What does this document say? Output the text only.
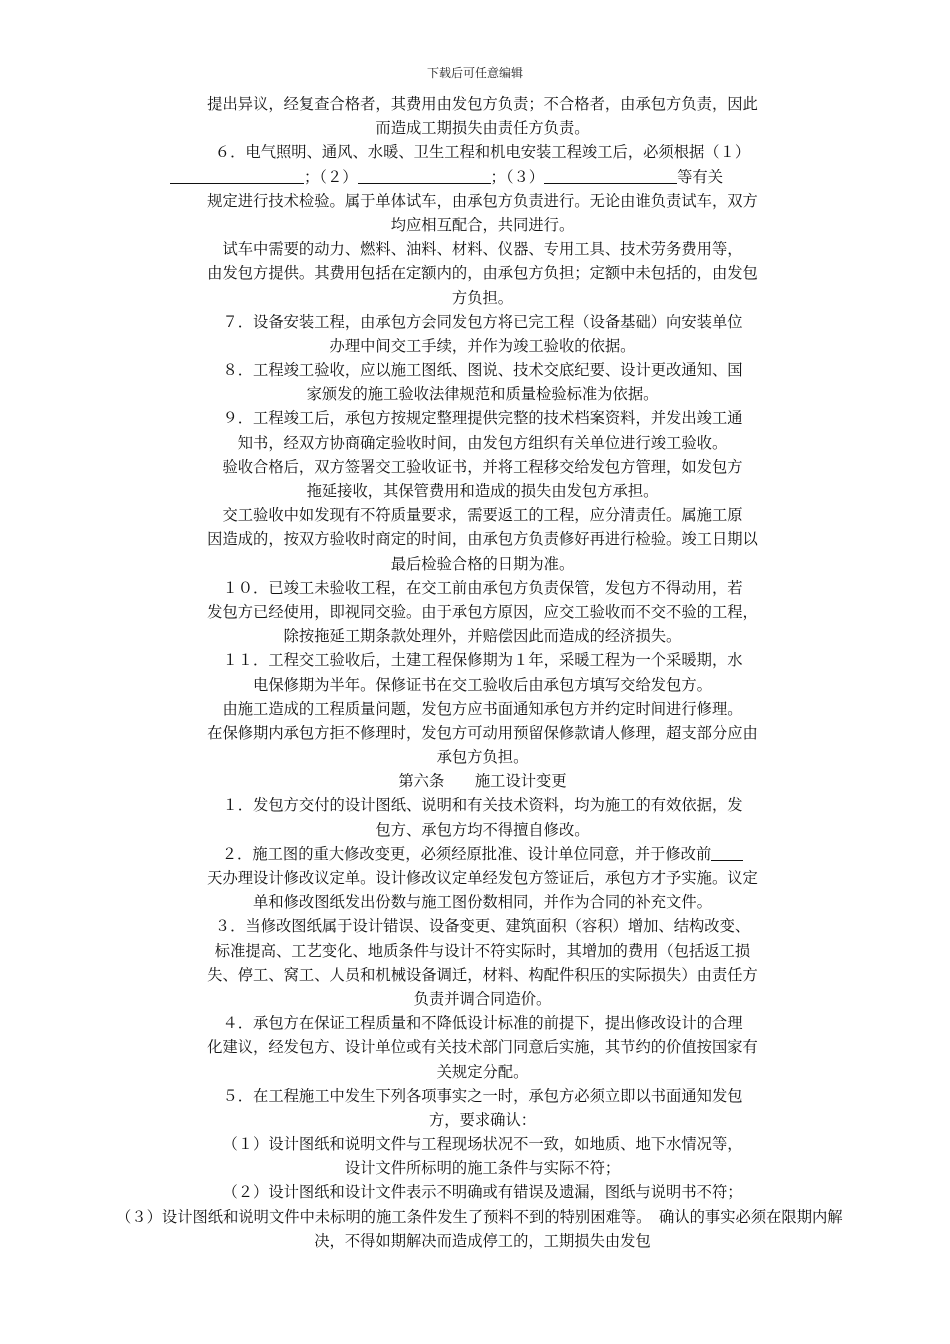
下载后可任意编辑
提出异议，经复查合格者，其费用由发包方负责；不合格者，由承包方负责，因此
而造成工期损失由责任方负责。
６．电气照明、通风、水暖、卫生工程和机电安装工程竣工后，必须根据（１）
；（２）	；（３）	等有关
规定进行技术检验。属于单体试车，由承包方负责进行。无论由谁负责试车，双方
均应相互配合，共同进行。
试车中需要的动力、燃料、油料、材料、仪器、专用工具、技术劳务费用等，
由发包方提供。其费用包括在定额内的，由承包方负担；定额中未包括的，由发包
方负担。
７．设备安装工程，由承包方会同发包方将已完工程（设备基础）向安装单位
办理中间交工手续，并作为竣工验收的依据。
８．工程竣工验收，应以施工图纸、图说、技术交底纪要、设计更改通知、国
家颁发的施工验收法律规范和质量检验标准为依据。
９．工程竣工后，承包方按规定整理提供完整的技术档案资料，并发出竣工通
知书，经双方协商确定验收时间，由发包方组织有关单位进行竣工验收。
验收合格后，双方签署交工验收证书，并将工程移交给发包方管理，如发包方
拖延接收，其保管费用和造成的损失由发包方承担。
交工验收中如发现有不符质量要求，需要返工的工程，应分清责任。属施工原
因造成的，按双方验收时商定的时间，由承包方负责修好再进行检验。竣工日期以
最后检验合格的日期为准。
１０．已竣工未验收工程，在交工前由承包方负责保管，发包方不得动用，若
发包方已经使用，即视同交验。由于承包方原因，应交工验收而不交不验的工程，
除按拖延工期条款处理外，并赔偿因此而造成的经济损失。
１１．工程交工验收后，土建工程保修期为１年，采暖工程为一个采暖期，水
电保修期为半年。保修证书在交工验收后由承包方填写交给发包方。
由施工造成的工程质量问题，发包方应书面通知承包方并约定时间进行修理。
在保修期内承包方拒不修理时，发包方可动用预留保修款请人修理，超支部分应由
承包方负担。
第六条　　施工设计变更
１．发包方交付的设计图纸、说明和有关技术资料，均为施工的有效依据，发
包方、承包方均不得擅自修改。
２．施工图的重大修改变更，必须经原批准、设计单位同意，并于修改前
天办理设计修改议定单。设计修改议定单经发包方签证后，承包方才予实施。议定
单和修改图纸发出份数与施工图份数相同，并作为合同的补充文件。
３．当修改图纸属于设计错误、设备变更、建筑面积（容积）增加、结构改变、
标准提高、工艺变化、地质条件与设计不符实际时，其增加的费用（包括返工损
失、停工、窝工、人员和机械设备调迁，材料、构配件积压的实际损失）由责任方
负责并调合同造价。
４．承包方在保证工程质量和不降低设计标准的前提下，提出修改设计的合理
化建议，经发包方、设计单位或有关技术部门同意后实施，其节约的价值按国家有
关规定分配。
５．在工程施工中发生下列各项事实之一时，承包方必须立即以书面通知发包
方，要求确认：
（１）设计图纸和说明文件与工程现场状况不一致，如地质、地下水情况等，
设计文件所标明的施工条件与实际不符；
（２）设计图纸和设计文件表示不明确或有错误及遗漏，图纸与说明书不符；
（３）设计图纸和说明文件中未标明的施工条件发生了预料不到的特别困难等。　确认的事实必须在限期内解
决，不得如期解决而造成停工的，工期损失由发包
